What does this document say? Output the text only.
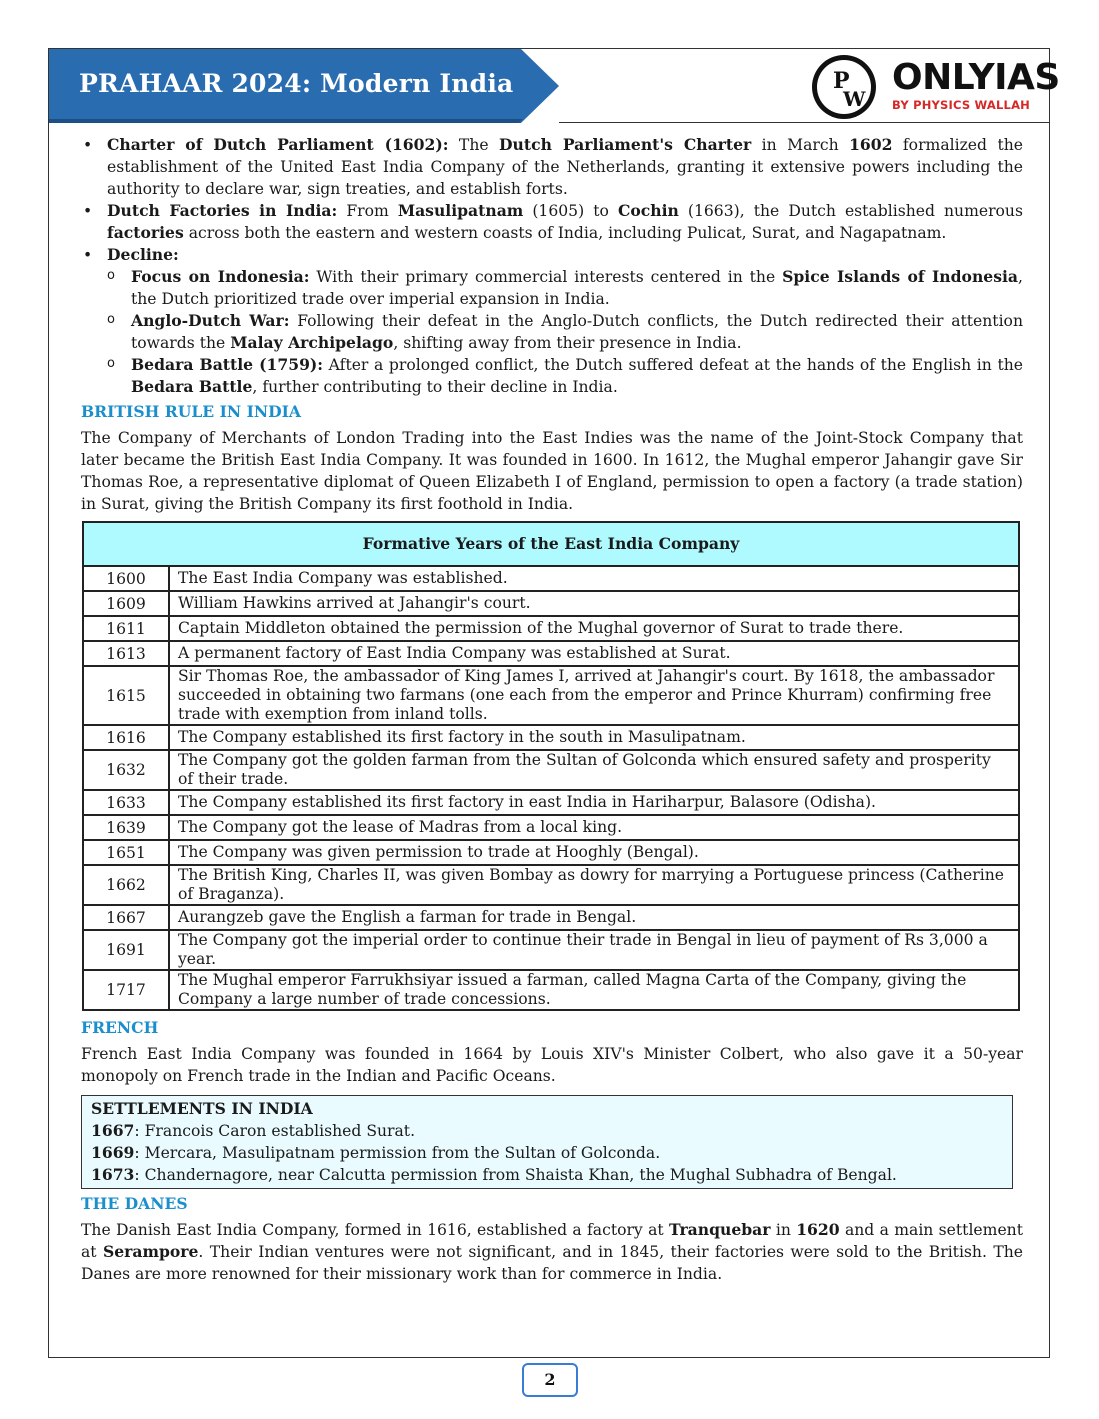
PRAHAAR 2024: Modern India	P
W
ONLYIAS
BY PHYSICS WALLAH
• Charter of Dutch Parliament (1602): The Dutch Parliament's Charter in March 1602 formalized the establishment of the United East India Company of the Netherlands, granting it extensive powers including the authority to declare war, sign treaties, and establish forts.
• Dutch Factories in India: From Masulipatnam (1605) to Cochin (1663), the Dutch established numerous factories across both the eastern and western coasts of India, including Pulicat, Surat, and Nagapatnam.
• Decline:
o Focus on Indonesia: With their primary commercial interests centered in the Spice Islands of Indonesia, the Dutch prioritized trade over imperial expansion in India.
o Anglo-Dutch War: Following their defeat in the Anglo-Dutch conflicts, the Dutch redirected their attention towards the Malay Archipelago, shifting away from their presence in India.
o Bedara Battle (1759): After a prolonged conflict, the Dutch suffered defeat at the hands of the English in the Bedara Battle, further contributing to their decline in India.
BRITISH RULE IN INDIA

The Company of Merchants of London Trading into the East Indies was the name of the Joint-Stock Company that later became the British East India Company. It was founded in 1600. In 1612, the Mughal emperor Jahangir gave Sir Thomas Roe, a representative diplomat of Queen Elizabeth I of England, permission to open a factory (a trade station) in Surat, giving the British Company its first foothold in India.

Formative Years of the East India Company	
1600	The East India Company was established.
1609	William Hawkins arrived at Jahangir's court.
1611	Captain Middleton obtained the permission of the Mughal governor of Surat to trade there.
1613	A permanent factory of East India Company was established at Surat.
1615	Sir Thomas Roe, the ambassador of King James I, arrived at Jahangir's court. By 1618, the ambassador succeeded in obtaining two farmans (one each from the emperor and Prince Khurram) confirming free trade with exemption from inland tolls.
1616	The Company established its first factory in the south in Masulipatnam.
1632	The Company got the golden farman from the Sultan of Golconda which ensured safety and prosperity of their trade.
1633	The Company established its first factory in east India in Hariharpur, Balasore (Odisha).
1639	The Company got the lease of Madras from a local king.
1651	The Company was given permission to trade at Hooghly (Bengal).
1662	The British King, Charles II, was given Bombay as dowry for marrying a Portuguese princess (Catherine of Braganza).
1667	Aurangzeb gave the English a farman for trade in Bengal.
1691	The Company got the imperial order to continue their trade in Bengal in lieu of payment of Rs 3,000 a year.
1717	The Mughal emperor Farrukhsiyar issued a farman, called Magna Carta of the Company, giving the Company a large number of trade concessions.
FRENCH

French East India Company was founded in 1664 by Louis XIV's Minister Colbert, who also gave it a 50-year monopoly on French trade in the Indian and Pacific Oceans.

SETTLEMENTS IN INDIA
1667: Francois Caron established Surat.
1669: Mercara, Masulipatnam permission from the Sultan of Golconda.
1673: Chandernagore, near Calcutta permission from Shaista Khan, the Mughal Subhadra of Bengal.
THE DANES

The Danish East India Company, formed in 1616, established a factory at Tranquebar in 1620 and a main settlement at Serampore. Their Indian ventures were not significant, and in 1845, their factories were sold to the British. The Danes are more renowned for their missionary work than for commerce in India.

2
